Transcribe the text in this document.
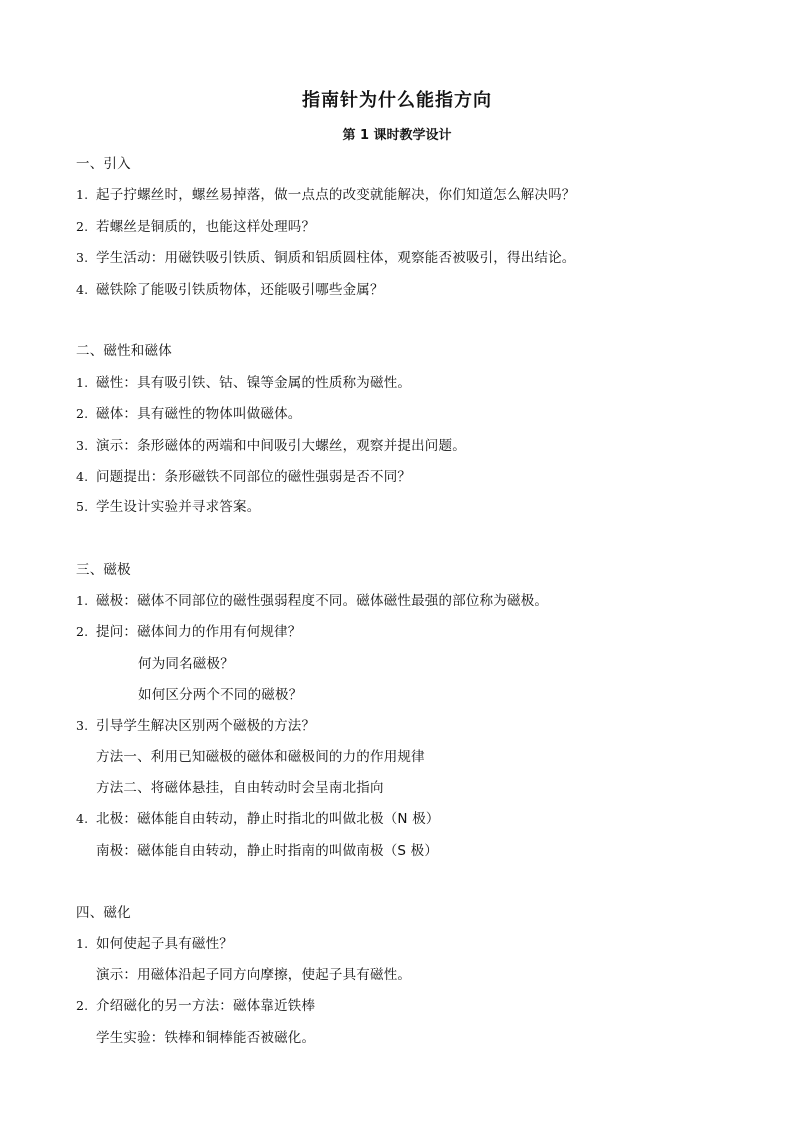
指南针为什么能指方向
第 1 课时教学设计
一、引入
1. 起子拧螺丝时，螺丝易掉落，做一点点的改变就能解决，你们知道怎么解决吗？
2. 若螺丝是铜质的，也能这样处理吗？
3. 学生活动：用磁铁吸引铁质、铜质和铝质圆柱体，观察能否被吸引，得出结论。
4. 磁铁除了能吸引铁质物体，还能吸引哪些金属？
二、磁性和磁体
1. 磁性：具有吸引铁、钴、镍等金属的性质称为磁性。
2. 磁体：具有磁性的物体叫做磁体。
3. 演示：条形磁体的两端和中间吸引大螺丝，观察并提出问题。
4. 问题提出：条形磁铁不同部位的磁性强弱是否不同？
5. 学生设计实验并寻求答案。
三、磁极
1. 磁极：磁体不同部位的磁性强弱程度不同。磁体磁性最强的部位称为磁极。
2. 提问：磁体间力的作用有何规律？
何为同名磁极？
如何区分两个不同的磁极？
3. 引导学生解决区别两个磁极的方法？
方法一、利用已知磁极的磁体和磁极间的力的作用规律
方法二、将磁体悬挂，自由转动时会呈南北指向
4. 北极：磁体能自由转动，静止时指北的叫做北极（N 极）
南极：磁体能自由转动，静止时指南的叫做南极（S 极）
四、磁化
1. 如何使起子具有磁性？
演示：用磁体沿起子同方向摩擦，使起子具有磁性。
2. 介绍磁化的另一方法：磁体靠近铁棒
学生实验：铁棒和铜棒能否被磁化。
